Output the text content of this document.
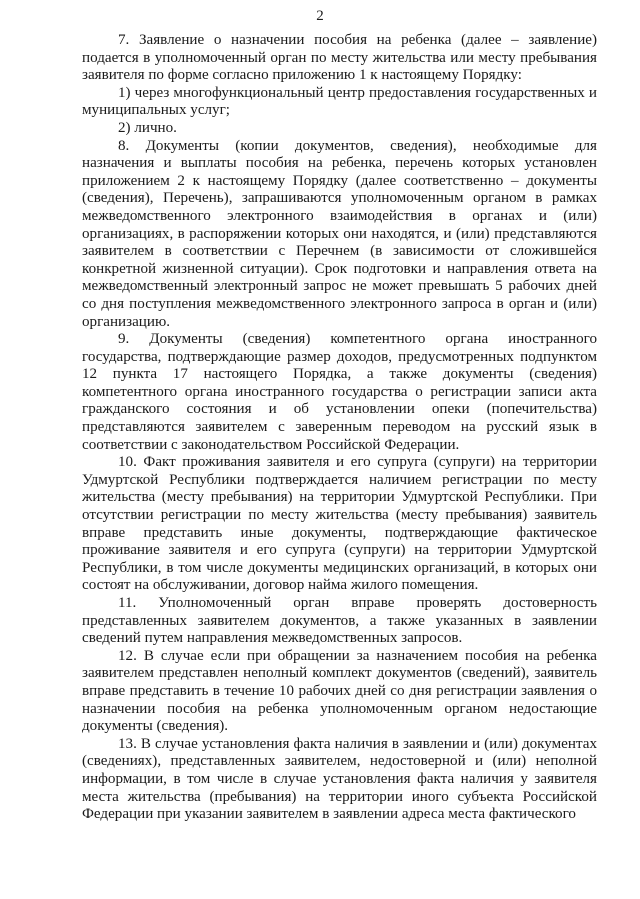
2

7. Заявление о назначении пособия на ребенка (далее – заявление) подается в уполномоченный орган по месту жительства или месту пребывания заявителя по форме согласно приложению 1 к настоящему Порядку:

1) через многофункциональный центр предоставления государственных и муниципальных услуг;

2) лично.

8. Документы (копии документов, сведения), необходимые для назначения и выплаты пособия на ребенка, перечень которых установлен приложением 2 к настоящему Порядку (далее соответственно – документы (сведения), Перечень), запрашиваются уполномоченным органом в рамках межведомственного электронного взаимодействия в органах и (или) организациях, в распоряжении которых они находятся, и (или) представляются заявителем в соответствии с Перечнем (в зависимости от сложившейся конкретной жизненной ситуации). Срок подготовки и направления ответа на межведомственный электронный запрос не может превышать 5 рабочих дней со дня поступления межведомственного электронного запроса в орган и (или) организацию.

9. Документы (сведения) компетентного органа иностранного государства, подтверждающие размер доходов, предусмотренных подпунктом 12 пункта 17 настоящего Порядка, а также документы (сведения) компетентного органа иностранного государства о регистрации записи акта гражданского состояния и об установлении опеки (попечительства) представляются заявителем с заверенным переводом на русский язык в соответствии с законодательством Российской Федерации.

10. Факт проживания заявителя и его супруга (супруги) на территории Удмуртской Республики подтверждается наличием регистрации по месту жительства (месту пребывания) на территории Удмуртской Республики. При отсутствии регистрации по месту жительства (месту пребывания) заявитель вправе представить иные документы, подтверждающие фактическое проживание заявителя и его супруга (супруги) на территории Удмуртской Республики, в том числе документы медицинских организаций, в которых они состоят на обслуживании, договор найма жилого помещения.

11. Уполномоченный орган вправе проверять достоверность представленных заявителем документов, а также указанных в заявлении сведений путем направления межведомственных запросов.

12. В случае если при обращении за назначением пособия на ребенка заявителем представлен неполный комплект документов (сведений), заявитель вправе представить в течение 10 рабочих дней со дня регистрации заявления о назначении пособия на ребенка уполномоченным органом недостающие документы (сведения).

13. В случае установления факта наличия в заявлении и (или) документах (сведениях), представленных заявителем, недостоверной и (или) неполной информации, в том числе в случае установления факта наличия у заявителя места жительства (пребывания) на территории иного субъекта Российской Федерации при указании заявителем в заявлении адреса места фактического
